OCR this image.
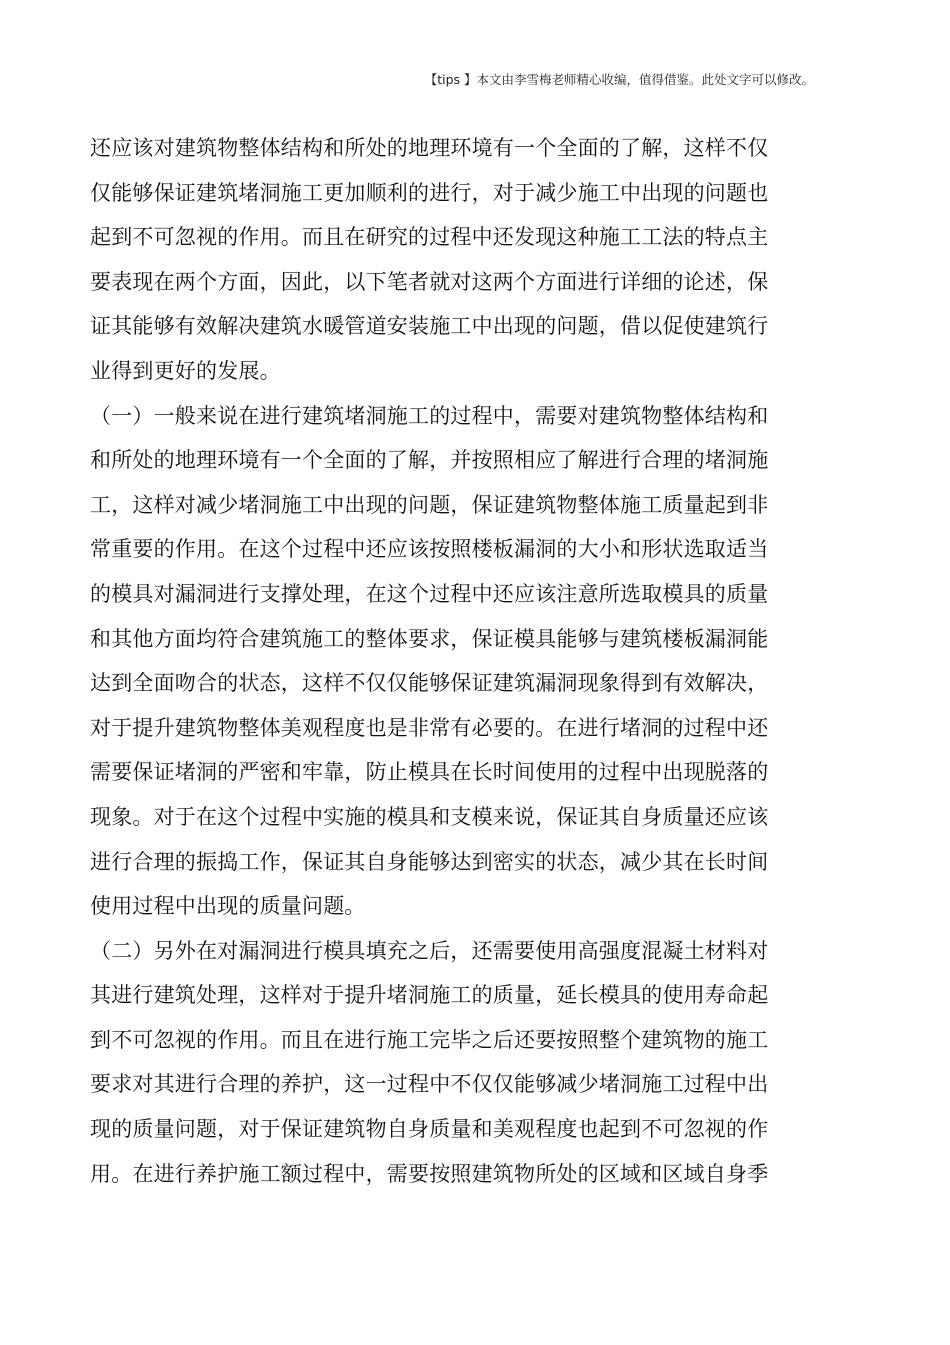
【tips 】本文由李雪梅老师精心收编，值得借鉴。此处文字可以修改。
还应该对建筑物整体结构和所处的地理环境有一个全面的了解，这样不仅
仅能够保证建筑堵洞施工更加顺利的进行，对于减少施工中出现的问题也
起到不可忽视的作用。而且在研究的过程中还发现这种施工工法的特点主
要表现在两个方面，因此，以下笔者就对这两个方面进行详细的论述，保
证其能够有效解决建筑水暖管道安装施工中出现的问题，借以促使建筑行
业得到更好的发展。
（一）一般来说在进行建筑堵洞施工的过程中，需要对建筑物整体结构和
和所处的地理环境有一个全面的了解，并按照相应了解进行合理的堵洞施
工，这样对减少堵洞施工中出现的问题，保证建筑物整体施工质量起到非
常重要的作用。在这个过程中还应该按照楼板漏洞的大小和形状选取适当
的模具对漏洞进行支撑处理，在这个过程中还应该注意所选取模具的质量
和其他方面均符合建筑施工的整体要求，保证模具能够与建筑楼板漏洞能
达到全面吻合的状态，这样不仅仅能够保证建筑漏洞现象得到有效解决，
对于提升建筑物整体美观程度也是非常有必要的。在进行堵洞的过程中还
需要保证堵洞的严密和牢靠，防止模具在长时间使用的过程中出现脱落的
现象。对于在这个过程中实施的模具和支模来说，保证其自身质量还应该
进行合理的振捣工作，保证其自身能够达到密实的状态，减少其在长时间
使用过程中出现的质量问题。
（二）另外在对漏洞进行模具填充之后，还需要使用高强度混凝土材料对
其进行建筑处理，这样对于提升堵洞施工的质量，延长模具的使用寿命起
到不可忽视的作用。而且在进行施工完毕之后还要按照整个建筑物的施工
要求对其进行合理的养护，这一过程中不仅仅能够减少堵洞施工过程中出
现的质量问题，对于保证建筑物自身质量和美观程度也起到不可忽视的作
用。在进行养护施工额过程中，需要按照建筑物所处的区域和区域自身季
